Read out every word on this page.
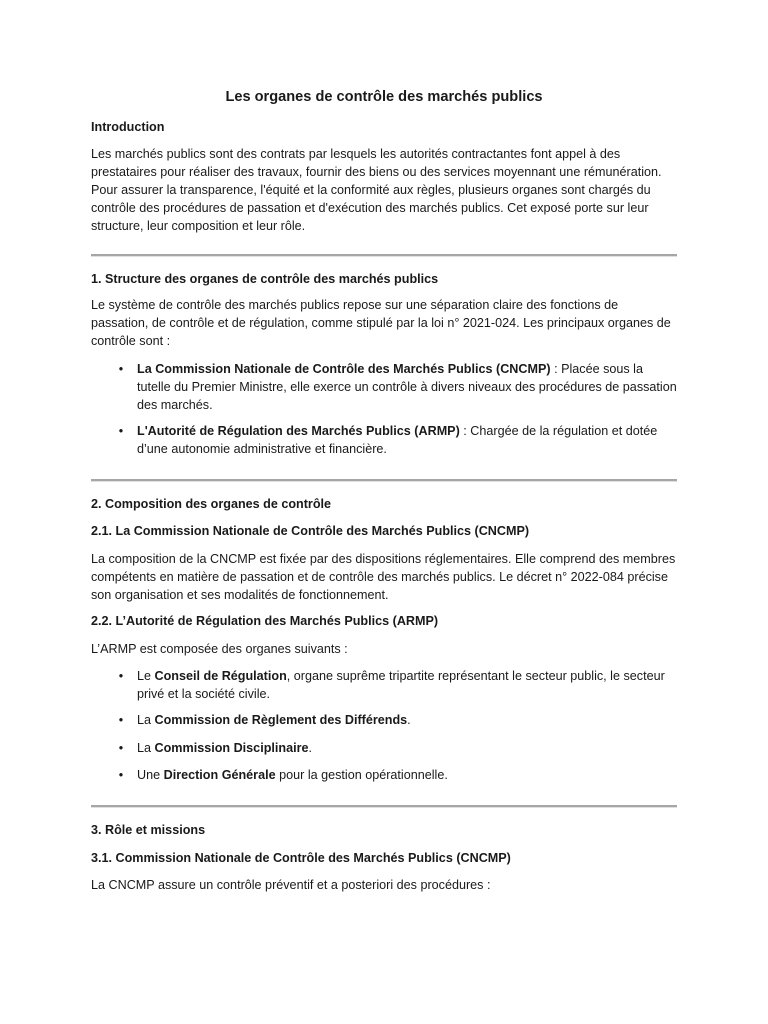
Les organes de contrôle des marchés publics
Introduction

Les marchés publics sont des contrats par lesquels les autorités contractantes font appel à des prestataires pour réaliser des travaux, fournir des biens ou des services moyennant une rémunération. Pour assurer la transparence, l'équité et la conformité aux règles, plusieurs organes sont chargés du contrôle des procédures de passation et d'exécution des marchés publics. Cet exposé porte sur leur structure, leur composition et leur rôle.

1. Structure des organes de contrôle des marchés publics

Le système de contrôle des marchés publics repose sur une séparation claire des fonctions de passation, de contrôle et de régulation, comme stipulé par la loi n° 2021-024. Les principaux organes de contrôle sont :

• La Commission Nationale de Contrôle des Marchés Publics (CNCMP) : Placée sous la tutelle du Premier Ministre, elle exerce un contrôle à divers niveaux des procédures de passation des marchés.
• L'Autorité de Régulation des Marchés Publics (ARMP) : Chargée de la régulation et dotée d’une autonomie administrative et financière.
2. Composition des organes de contrôle
2.1. La Commission Nationale de Contrôle des Marchés Publics (CNCMP)

La composition de la CNCMP est fixée par des dispositions réglementaires. Elle comprend des membres compétents en matière de passation et de contrôle des marchés publics. Le décret n° 2022-084 précise son organisation et ses modalités de fonctionnement.

2.2. L’Autorité de Régulation des Marchés Publics (ARMP)

L’ARMP est composée des organes suivants :

• Le Conseil de Régulation, organe suprême tripartite représentant le secteur public, le secteur privé et la société civile.
• La Commission de Règlement des Différends.
• La Commission Disciplinaire.
• Une Direction Générale pour la gestion opérationnelle.
3. Rôle et missions
3.1. Commission Nationale de Contrôle des Marchés Publics (CNCMP)

La CNCMP assure un contrôle préventif et a posteriori des procédures :
